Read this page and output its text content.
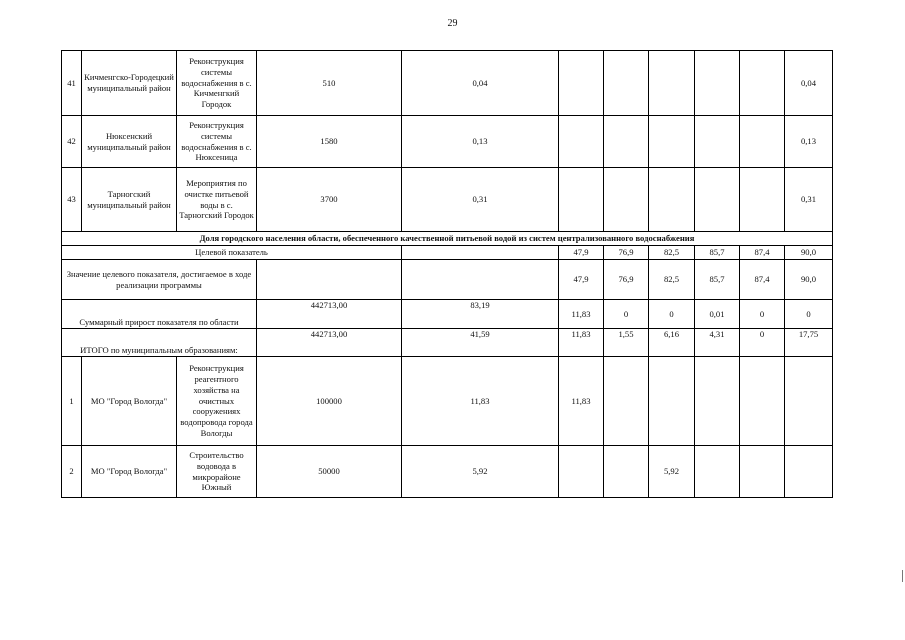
29
41	Кичменгско-Городецкий муниципальный район	Реконструкция системы водоснабжения в с. Кичменгкий Городок	510	0,04						0,04
42	Нюксенский муниципальный район	Реконструкция системы водоснабжения в с. Нюксеница	1580	0,13						0,13
43	Тарногский муниципальный район	Мероприятия по очистке питьевой воды в с. Тарногский Городок	3700	0,31						0,31
Доля городского населения области, обеспеченного качественной питьевой водой из систем централизованного водоснабжения										
Целевой показатель					47,9	76,9	82,5	85,7	87,4	90,0
Значение целевого показателя, достигаемое в ходе реализации программы					47,9	76,9	82,5	85,7	87,4	90,0
Суммарный прирост показателя по области			442713,00	83,19	11,83	0	0	0,01	0	0
ИТОГО по муниципальным образованиям:			442713,00	41,59	11,83	1,55	6,16	4,31	0	17,75
1	МО "Город Вологда"	Реконструкция реагентного хозяйства на очистных сооружениях водопровода города Вологды	100000	11,83	11,83					
2	МО "Город Вологда"	Строительство водовода в микрорайоне Южный	50000	5,92			5,92			
